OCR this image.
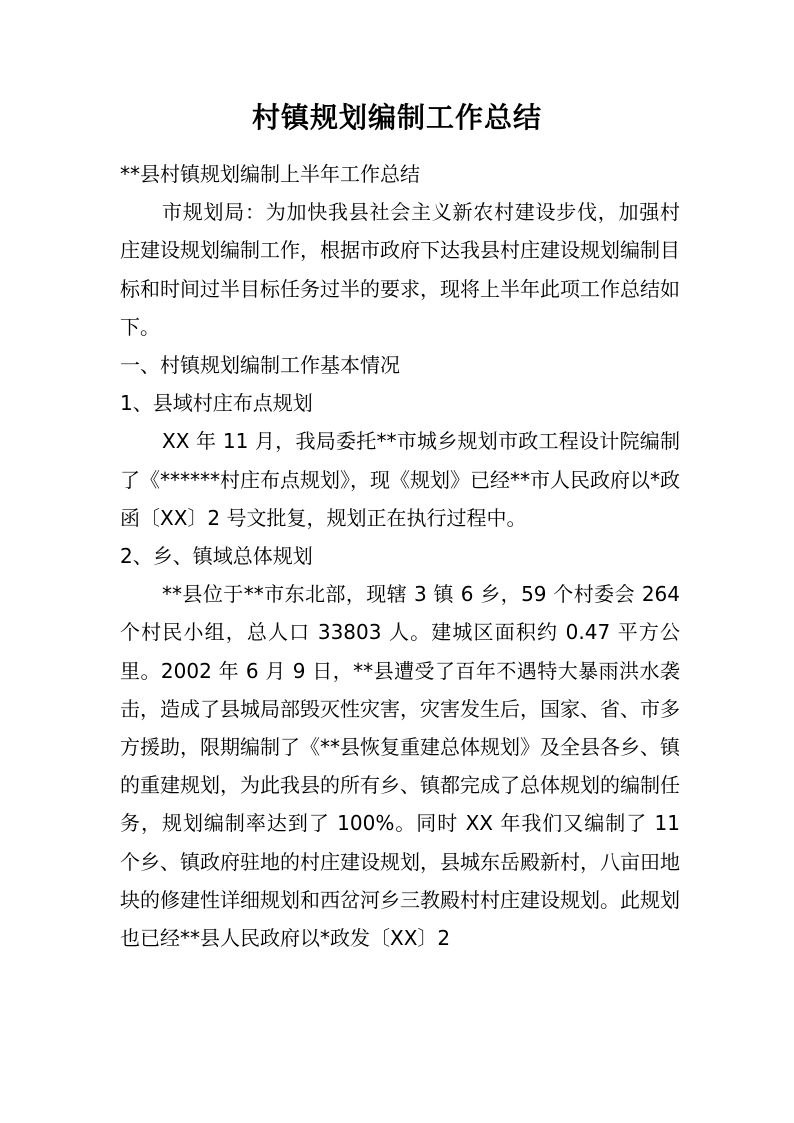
村镇规划编制工作总结

**县村镇规划编制上半年工作总结

市规划局：为加快我县社会主义新农村建设步伐，加强村庄建设规划编制工作，根据市政府下达我县村庄建设规划编制目标和时间过半目标任务过半的要求，现将上半年此项工作总结如下。

一、村镇规划编制工作基本情况

1、县域村庄布点规划

XX 年 11 月，我局委托**市城乡规划市政工程设计院编制了《******村庄布点规划》，现《规划》已经**市人民政府以*政函〔XX〕2 号文批复，规划正在执行过程中。

2、乡、镇域总体规划

**县位于**市东北部，现辖 3 镇 6 乡，59 个村委会 264 个村民小组，总人口 33803 人。建城区面积约 0.47 平方公里。2002 年 6 月 9 日，**县遭受了百年不遇特大暴雨洪水袭击，造成了县城局部毁灭性灾害，灾害发生后，国家、省、市多方援助，限期编制了《**县恢复重建总体规划》及全县各乡、镇的重建规划，为此我县的所有乡、镇都完成了总体规划的编制任务，规划编制率达到了 100%。同时 XX 年我们又编制了 11 个乡、镇政府驻地的村庄建设规划，县城东岳殿新村，八亩田地块的修建性详细规划和西岔河乡三教殿村村庄建设规划。此规划也已经**县人民政府以*政发〔XX〕2
